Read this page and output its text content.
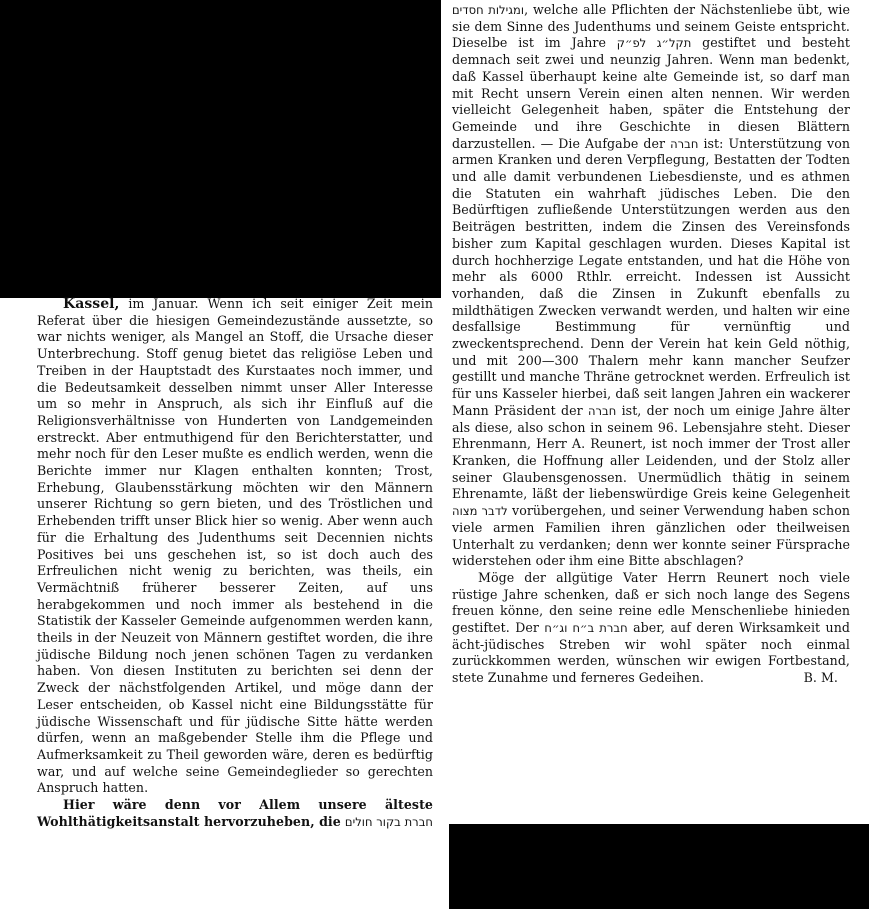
Kassel, im Januar. Wenn ich seit einiger Zeit mein Referat über die hiesigen Gemeindezustände aussetzte, so war nichts weniger, als Mangel an Stoff, die Ursache dieser Unterbrechung. Stoff genug bietet das religiöse Leben und Treiben in der Hauptstadt des Kurstaates noch immer, und die Bedeutsamkeit desselben nimmt unser Aller Interesse um so mehr in Anspruch, als sich ihr Einfluß auf die Religionsverhältnisse von Hunderten von Landgemeinden erstreckt. Aber entmuthigend für den Berichterstatter, und mehr noch für den Leser mußte es endlich werden, wenn die Berichte immer nur Klagen enthalten konnten; Trost, Erhebung, Glaubensstärkung möchten wir den Männern unserer Richtung so gern bieten, und des Tröstlichen und Erhebenden trifft unser Blick hier so wenig. Aber wenn auch für die Erhaltung des Judenthums seit Decennien nichts Positives bei uns geschehen ist, so ist doch auch des Erfreulichen nicht wenig zu berichten, was theils, ein Vermächtniß früherer besserer Zeiten, auf uns herabgekommen und noch immer als bestehend in die Statistik der Kasseler Gemeinde aufgenommen werden kann, theils in der Neuzeit von Männern gestiftet worden, die ihre jüdische Bildung noch jenen schönen Tagen zu verdanken haben. Von diesen Instituten zu berichten sei denn der Zweck der nächstfolgenden Artikel, und möge dann der Leser entscheiden, ob Kassel nicht eine Bildungsstätte für jüdische Wissenschaft und für jüdische Sitte hätte werden dürfen, wenn an maßgebender Stelle ihm die Pflege und Aufmerksamkeit zu Theil geworden wäre, deren es bedürftig war, und auf welche seine Gemeindeglieder so gerechten Anspruch hatten.

Hier wäre denn vor Allem unsere älteste Wohlthätigkeitsanstalt hervorzuheben, die חברת בקור חולים

ומגילות חסדים, welche alle Pflichten der Nächstenliebe übt, wie sie dem Sinne des Judenthums und seinem Geiste entspricht. Dieselbe ist im Jahre תקל״ג לפ״ק gestiftet und besteht demnach seit zwei und neunzig Jahren. Wenn man bedenkt, daß Kassel überhaupt keine alte Gemeinde ist, so darf man mit Recht unsern Verein einen alten nennen. Wir werden vielleicht Gelegenheit haben, später die Entstehung der Gemeinde und ihre Geschichte in diesen Blättern darzustellen. — Die Aufgabe der חברה ist: Unterstützung von armen Kranken und deren Verpflegung, Bestatten der Todten und alle damit verbundenen Liebesdienste, und es athmen die Statuten ein wahrhaft jüdisches Leben. Die den Bedürftigen zufließende Unterstützungen werden aus den Beiträgen bestritten, indem die Zinsen des Vereinsfonds bisher zum Kapital geschlagen wurden. Dieses Kapital ist durch hochherzige Legate entstanden, und hat die Höhe von mehr als 6000 Rthlr. erreicht. Indessen ist Aussicht vorhanden, daß die Zinsen in Zukunft ebenfalls zu mildthätigen Zwecken verwandt werden, und halten wir eine desfallsige Bestimmung für vernünftig und zweckentsprechend. Denn der Verein hat kein Geld nöthig, und mit 200—300 Thalern mehr kann mancher Seufzer gestillt und manche Thräne getrocknet werden. Erfreulich ist für uns Kasseler hierbei, daß seit langen Jahren ein wackerer Mann Präsident der חברה ist, der noch um einige Jahre älter als diese, also schon in seinem 96. Lebensjahre steht. Dieser Ehrenmann, Herr A. Reunert, ist noch immer der Trost aller Kranken, die Hoffnung aller Leidenden, und der Stolz aller seiner Glaubensgenossen. Unermüdlich thätig in seinem Ehrenamte, läßt der liebenswürdige Greis keine Gelegenheit לדבר מצוה vorübergehen, und seiner Verwendung haben schon viele armen Familien ihren gänzlichen oder theilweisen Unterhalt zu verdanken; denn wer konnte seiner Fürsprache widerstehen oder ihm eine Bitte abschlagen?

Möge der allgütige Vater Herrn Reunert noch viele rüstige Jahre schenken, daß er sich noch lange des Segens freuen könne, den seine reine edle Menschenliebe hinieden gestiftet. Der חברת ב״ח וג״ח aber, auf deren Wirksamkeit und ächt-jüdisches Streben wir wohl später noch einmal zurückkommen werden, wünschen wir ewigen Fortbestand, stete Zunahme und ferneres Gedeihen.	B. M.
